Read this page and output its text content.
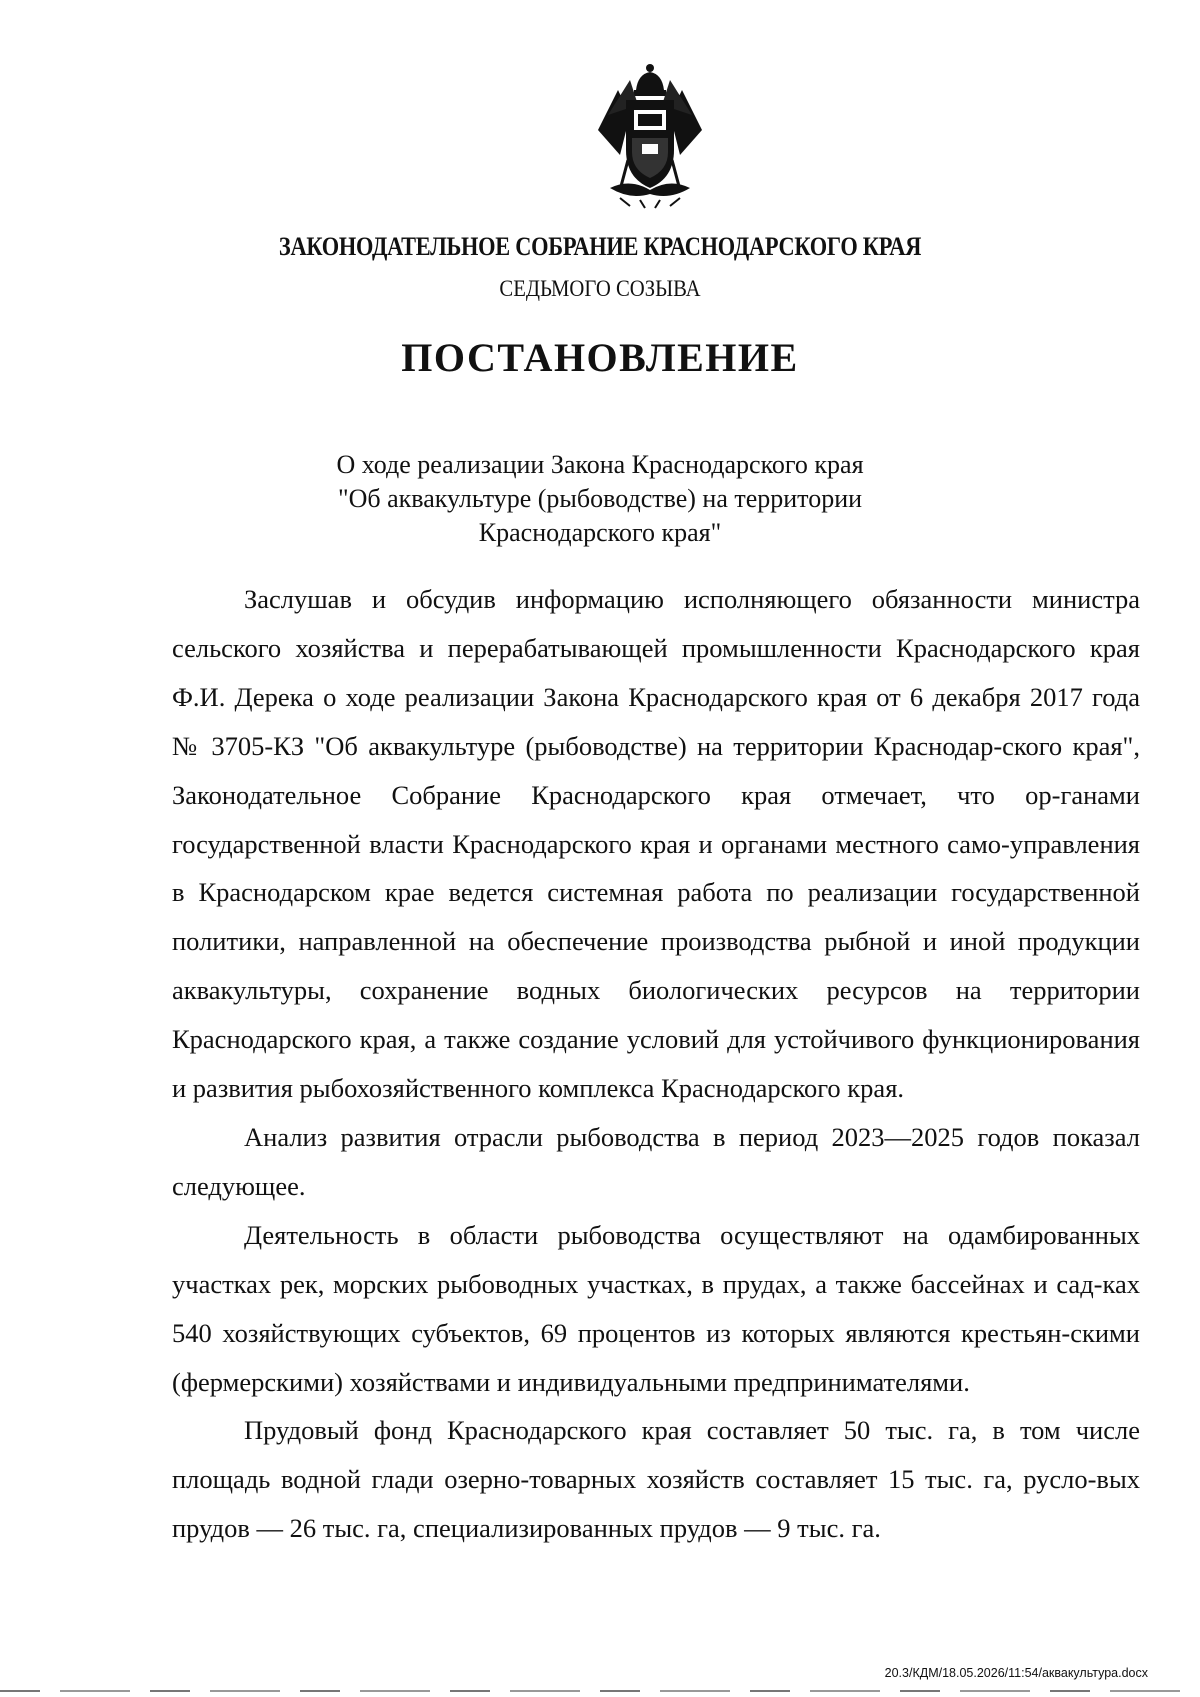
ЗАКОНОДАТЕЛЬНОЕ СОБРАНИЕ КРАСНОДАРСКОГО КРАЯ
СЕДЬМОГО СОЗЫВА
ПОСТАНОВЛЕНИЕ
О ходе реализации Закона Краснодарского края
"Об аквакультуре (рыбоводстве) на территории
Краснодарского края"

Заслушав и обсудив информацию исполняющего обязанности министра сельского хозяйства и перерабатывающей промышленности Краснодарского края Ф.И. Дерека о ходе реализации Закона Краснодарского края от 6 декабря 2017 года № 3705-КЗ "Об аквакультуре (рыбоводстве) на территории Краснодар-ского края", Законодательное Собрание Краснодарского края отмечает, что ор-ганами государственной власти Краснодарского края и органами местного само-управления в Краснодарском крае ведется системная работа по реализации государственной политики, направленной на обеспечение производства рыбной и иной продукции аквакультуры, сохранение водных биологических ресурсов на территории Краснодарского края, а также создание условий для устойчивого функционирования и развития рыбохозяйственного комплекса Краснодарского края.

Анализ развития отрасли рыбоводства в период 2023—2025 годов показал следующее.

Деятельность в области рыбоводства осуществляют на одамбированных участках рек, морских рыбоводных участках, в прудах, а также бассейнах и сад-ках 540 хозяйствующих субъектов, 69 процентов из которых являются крестьян-скими (фермерскими) хозяйствами и индивидуальными предпринимателями.

Прудовый фонд Краснодарского края составляет 50 тыс. га, в том числе площадь водной глади озерно-товарных хозяйств составляет 15 тыс. га, русло-вых прудов — 26 тыс. га, специализированных прудов — 9 тыс. га.

20.3/КДМ/18.05.2026/11:54/аквакультура.docx
